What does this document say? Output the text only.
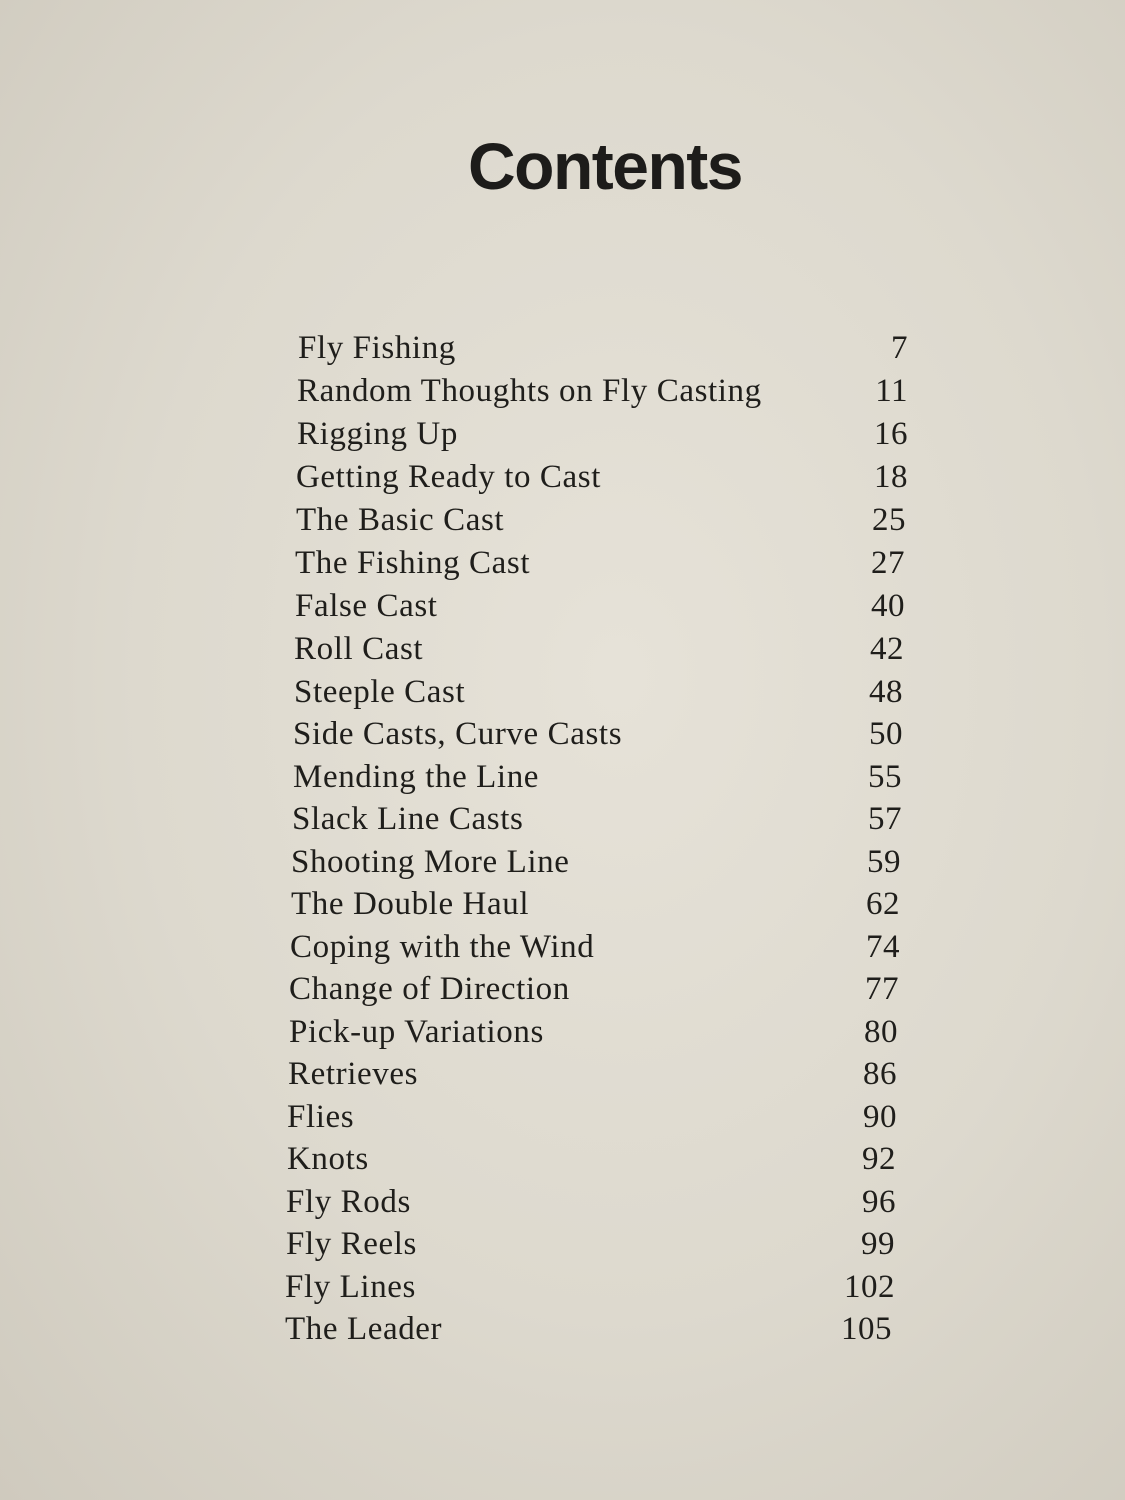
Contents
Fly Fishing	7
Random Thoughts on Fly Casting	11
Rigging Up	16
Getting Ready to Cast	18
The Basic Cast	25
The Fishing Cast	27
False Cast	40
Roll Cast	42
Steeple Cast	48
Side Casts, Curve Casts	50
Mending the Line	55
Slack Line Casts	57
Shooting More Line	59
The Double Haul	62
Coping with the Wind	74
Change of Direction	77
Pick-up Variations	80
Retrieves	86
Flies	90
Knots	92
Fly Rods	96
Fly Reels	99
Fly Lines	102
The Leader	105
